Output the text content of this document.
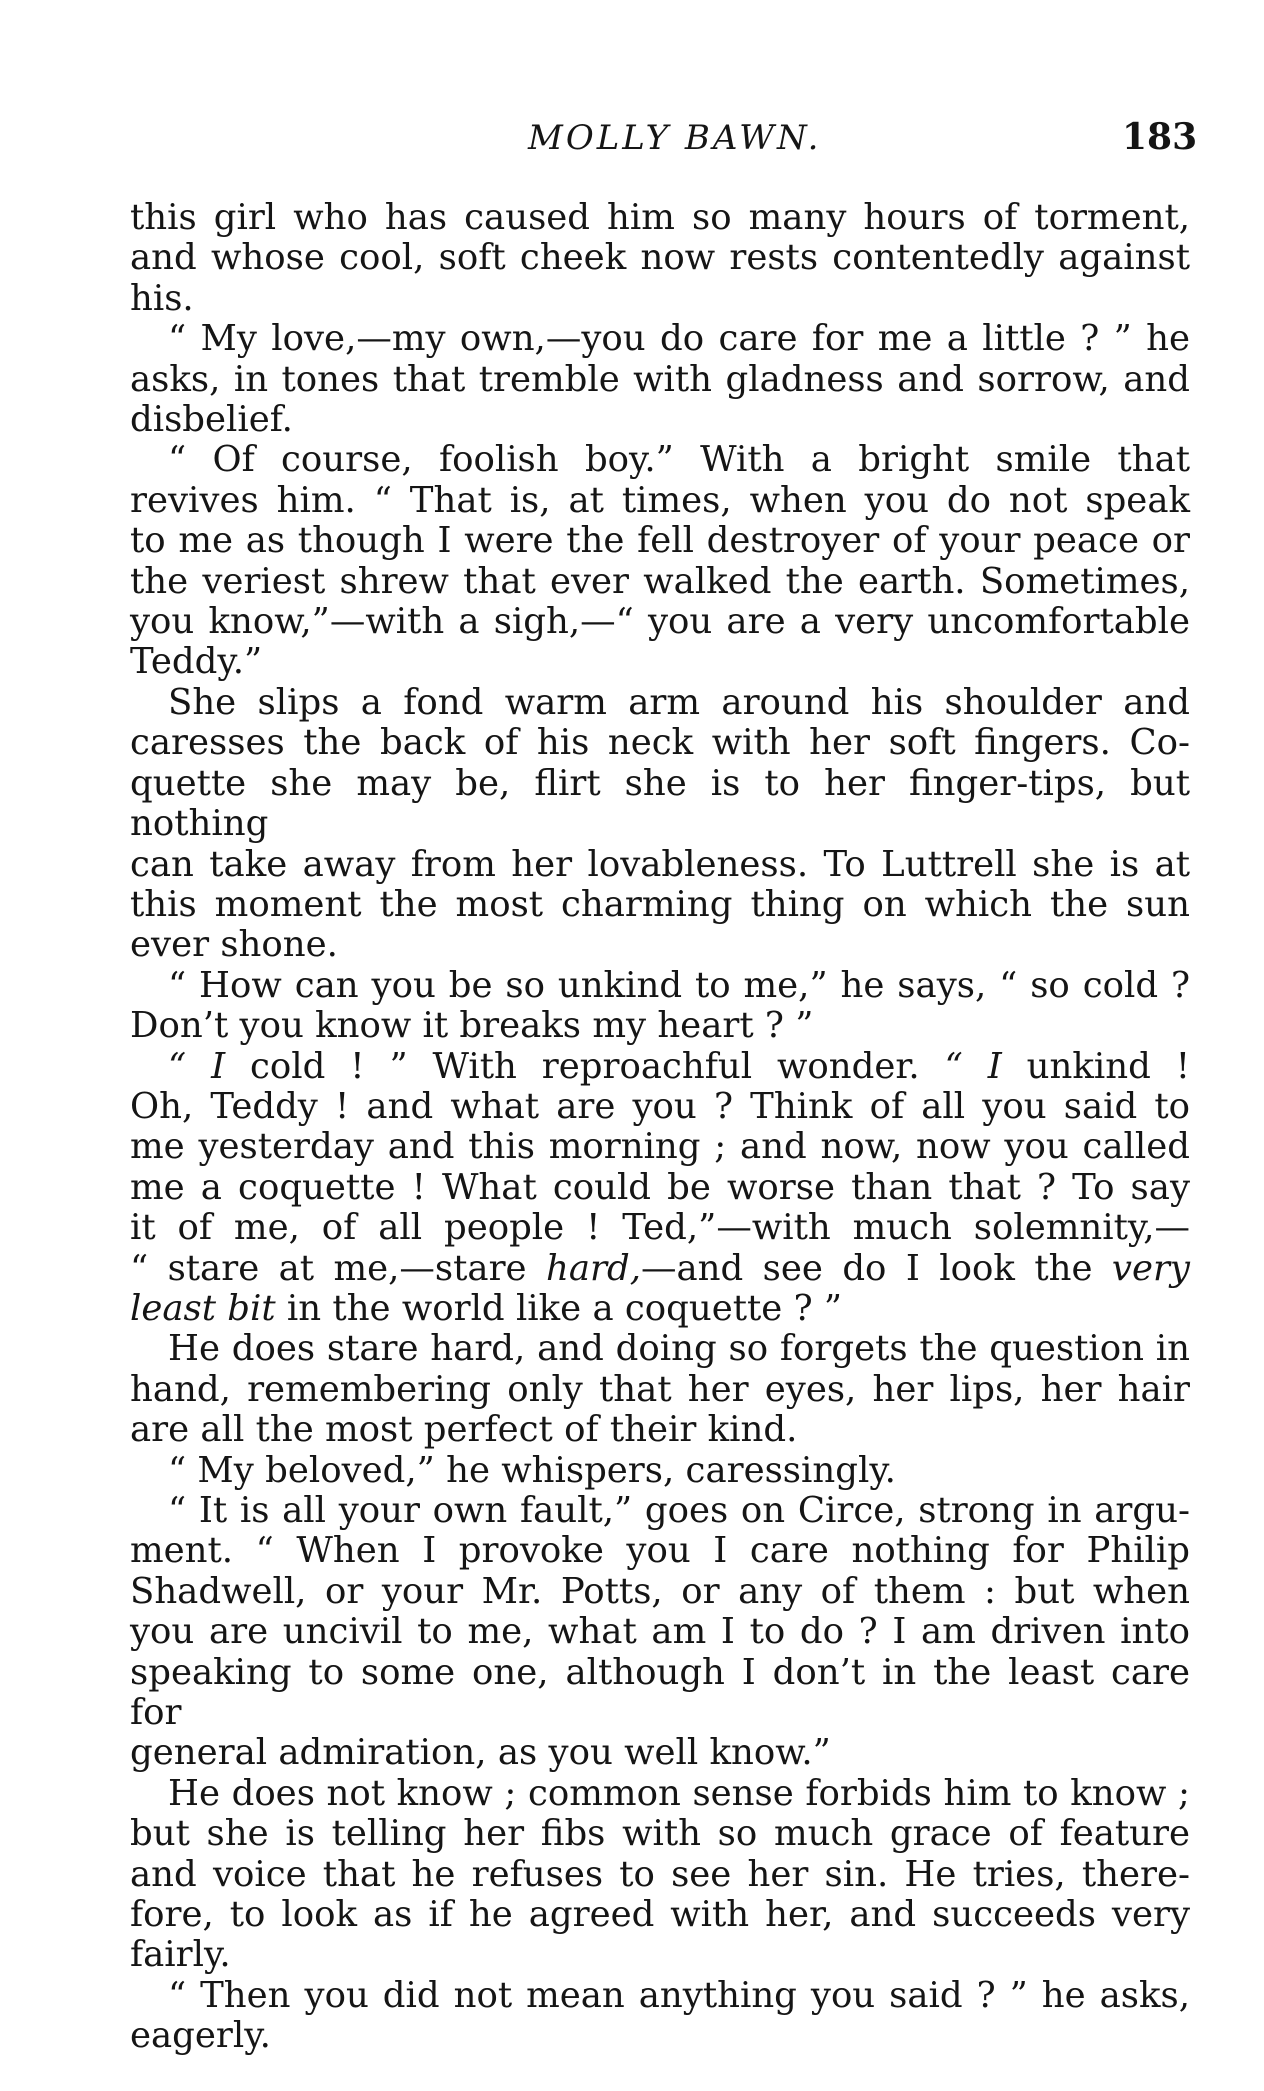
MOLLY BAWN.	183

this girl who has caused him so many hours of torment,
and whose cool, soft cheek now rests contentedly against
his.

“ My love,—my own,—you do care for me a little ? ” he
asks, in tones that tremble with gladness and sorrow, and
disbelief.

“ Of course, foolish boy.” With a bright smile that
revives him. “ That is, at times, when you do not speak
to me as though I were the fell destroyer of your peace or
the veriest shrew that ever walked the earth. Sometimes,
you know,”—with a sigh,—“ you are a very uncomfortable
Teddy.”

She slips a fond warm arm around his shoulder and
caresses the back of his neck with her soft fingers. Co-
quette she may be, flirt she is to her finger-tips, but nothing
can take away from her lovableness. To Luttrell she is at
this moment the most charming thing on which the sun
ever shone.

“ How can you be so unkind to me,” he says, “ so cold ?
Don’t you know it breaks my heart ? ”

“ I cold ! ” With reproachful wonder. “ I unkind !
Oh, Teddy ! and what are you ? Think of all you said to
me yesterday and this morning ; and now, now you called
me a coquette ! What could be worse than that ? To say
it of me, of all people ! Ted,”—with much solemnity,—
“ stare at me,—stare hard,—and see do I look the very
least bit in the world like a coquette ? ”

He does stare hard, and doing so forgets the question in
hand, remembering only that her eyes, her lips, her hair
are all the most perfect of their kind.

“ My beloved,” he whispers, caressingly.

“ It is all your own fault,” goes on Circe, strong in argu-
ment. “ When I provoke you I care nothing for Philip
Shadwell, or your Mr. Potts, or any of them : but when
you are uncivil to me, what am I to do ? I am driven into
speaking to some one, although I don’t in the least care for
general admiration, as you well know.”

He does not know ; common sense forbids him to know ;
but she is telling her fibs with so much grace of feature
and voice that he refuses to see her sin. He tries, there-
fore, to look as if he agreed with her, and succeeds very
fairly.

“ Then you did not mean anything you said ? ” he asks,
eagerly.
